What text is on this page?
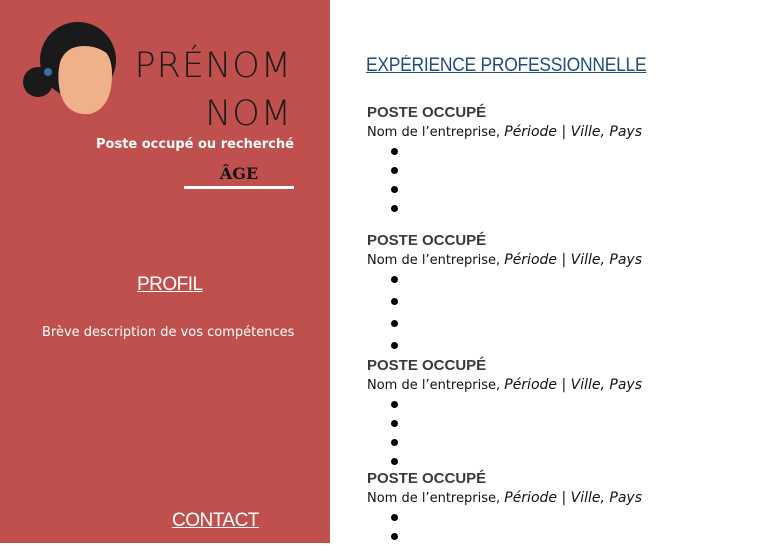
PRÉNOM
NOM
Poste occupé ou recherché
ÂGE
PROFIL
Brève description de vos compétences
CONTACT
EXPÉRIENCE PROFESSIONNELLE
POSTE OCCUPÉ
Nom de l’entreprise, Période | Ville, Pays
POSTE OCCUPÉ
Nom de l’entreprise, Période | Ville, Pays
POSTE OCCUPÉ
Nom de l’entreprise, Période | Ville, Pays
POSTE OCCUPÉ
Nom de l’entreprise, Période | Ville, Pays
